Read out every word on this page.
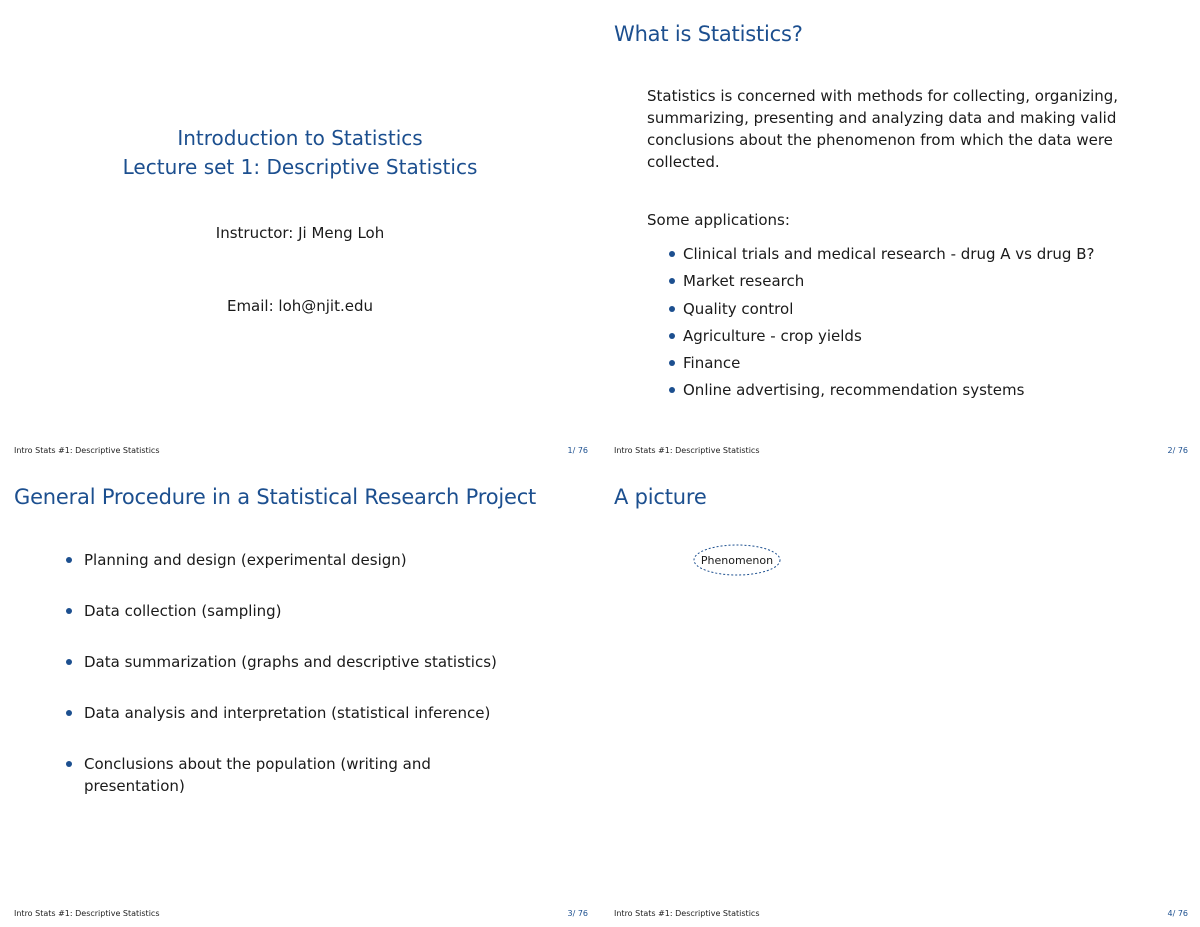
Introduction to Statistics
Lecture set 1: Descriptive Statistics
Instructor: Ji Meng Loh
Email: loh@njit.edu
Intro Stats #1: Descriptive Statistics	1/ 76
What is Statistics?
Statistics is concerned with methods for collecting, organizing, summarizing, presenting and analyzing data and making valid conclusions about the phenomenon from which the data were collected.
Some applications:
Clinical trials and medical research - drug A vs drug B?
Market research
Quality control
Agriculture - crop yields
Finance
Online advertising, recommendation systems
Intro Stats #1: Descriptive Statistics	2/ 76
General Procedure in a Statistical Research Project
Planning and design (experimental design)
Data collection (sampling)
Data summarization (graphs and descriptive statistics)
Data analysis and interpretation (statistical inference)
Conclusions about the population (writing and presentation)
Intro Stats #1: Descriptive Statistics	3/ 76
A picture
Phenomenon
Intro Stats #1: Descriptive Statistics	4/ 76
